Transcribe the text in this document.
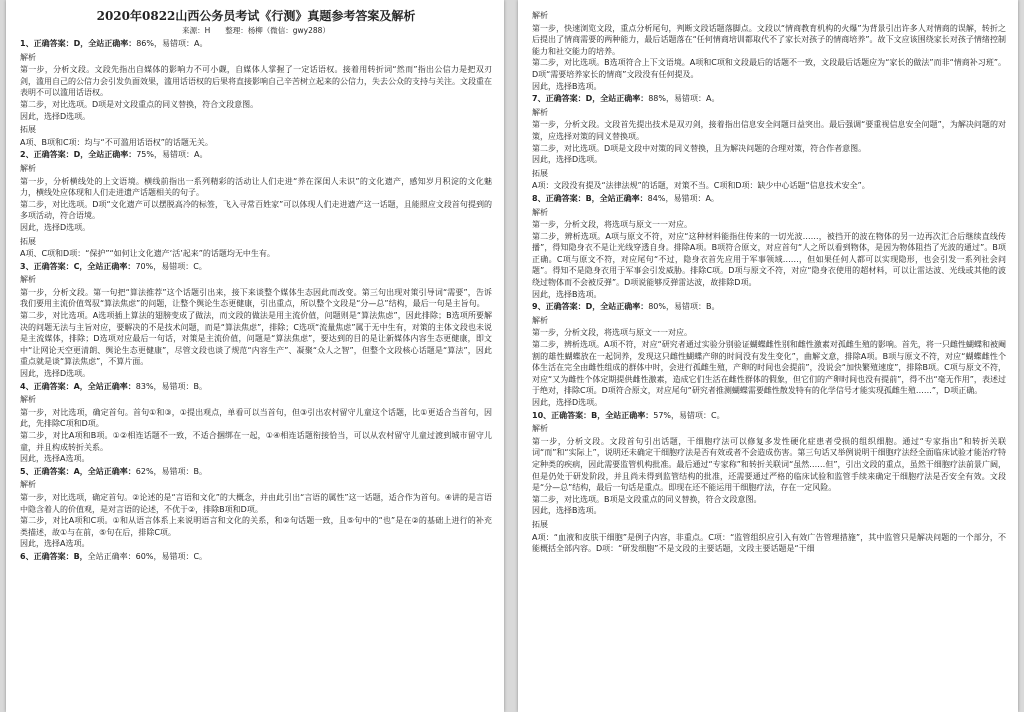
2020年0822山西公务员考试《行测》真题参考答案及解析
来源：H　　整理：杨柳（微信：gwy288）
1、正确答案：D，全站正确率：86%，易错项：A。
解析

第一步，分析文段。文段先指出自媒体的影响力不可小觑，自媒体人掌握了一定话语权。接着用转折词“然而”指出公信力是把双刃剑，滥用自己的公信力会引发负面效果，滥用话语权的后果将直接影响自己辛苦树立起来的公信力，失去公众的支持与关注。文段重在表明不可以滥用话语权。

第二步，对比选项。D项是对文段重点的同义替换，符合文段意图。

因此，选择D选项。

拓展

A项、B项和C项：均与“不可滥用话语权”的话题无关。

2、正确答案：D，全站正确率：75%，易错项：A。
解析

第一步，分析横线处的上文语境。横线前指出一系列精彩的活动让人们走进“养在深闺人未识”的文化遗产，感知岁月积淀的文化魅力，横线处应体现和人们走进遗产话题相关的句子。

第二步，对比选项。D项“文化遗产可以摆脱高冷的标签，飞入寻常百姓家”可以体现人们走进遗产这一话题，且能照应文段首句提到的多项活动，符合语境。

因此，选择D选项。

拓展

A项、C项和D项：“保护”“如何让文化遗产‘活’起来”的话题均无中生有。

3、正确答案：C，全站正确率：70%，易错项：C。
解析

第一步，分析文段。第一句把“算法推荐”这个话题引出来，接下来谈整个媒体生态因此而改变。第三句出现对策引导词“需要”，告诉我们要用主流价值驾驭“算法焦虑”的问题，让整个舆论生态更健康，引出重点，所以整个文段是“分—总”结构，最后一句是主旨句。

第二步，对比选项。A选项插上算法的翅膀变成了做法，而文段的做法是用主流价值，问题则是“算法焦虑”，因此排除；B选项所要解决的问题无法与主旨对应，要解决的不是技术问题，而是“算法焦虑”，排除；C选项“流量焦虑”属于无中生有，对策的主体文段也未说是主流媒体，排除；D选项对应最后一句话，对策是主流价值，问题是“算法焦虑”，要达到的目的是让新媒体内容生态更健康，即文中“让网论天空更清朗、舆论生态更健康”，尽管文段也谈了规范“内容生产”、凝聚“众人之智”，但整个文段核心话题是“算法”，因此重点就是谈“算法焦虑”，不算片面。

因此，选择D选项。

4、正确答案：A，全站正确率：83%，易错项：B。
解析

第一步，对比选项，确定首句。首句①和③，①提出观点，单看可以当首句，但③引出农村留守儿童这个话题，比①更适合当首句，因此，先排除C项和D项。

第二步，对比A项和B项。①②相连话题不一致，不适合捆绑在一起，①④相连话题衔接恰当，可以从农村留守儿童过渡到城市留守儿童，并且构成转折关系。

因此，选择A选项。

5、正确答案：A，全站正确率：62%，易错项：B。
解析

第一步，对比选项，确定首句。②论述的是“言语和文化”的大概念，并由此引出“言语的属性”这一话题，适合作为首句。④讲的是言语中隐含着人的价值观，是对言语的论述，不优于②，排除B项和D项。

第二步，对比A项和C项。①和从语言体系上来说明语言和文化的关系，和②句话题一致，且⑤句中的“也”是在②的基础上进行的补充类描述，故①与在前，⑤句在后，排除C项。

因此，选择A选项。

6、正确答案：B，全站正确率：60%，易错项：C。
解析

第一步，快速浏览文段，重点分析尾句，判断文段话题落脚点。文段以“情商教育机构的火爆”为背景引出许多人对情商的误解，转折之后提出了情商需要的两种能力，最后话题落在“任何情商培训都取代不了家长对孩子的情商培养”。故下文应该围绕家长对孩子情绪控制能力和社交能力的培养。

第二步，对比选项。B选项符合上下文语境。A项和C项和文段最后的话题不一致，文段最后话题应为“家长的做法”而非“情商补习班”。D项“需要培养家长的情商”文段没有任何提及。

因此，选择B选项。

7、正确答案：D，全站正确率：88%，易错项：A。
解析

第一步，分析文段。文段首先提出技术是双刃剑，接着指出信息安全问题日益突出。最后强调“要重视信息安全问题”，为解决问题的对策，应选择对策的同义替换项。

第二步，对比选项。D项是文段中对策的同义替换，且为解决问题的合理对策，符合作者意图。

因此，选择D选项。

拓展

A项：文段没有提及“法律法规”的话题，对策不当。C项和D项：缺少中心话题“信息技术安全”。

8、正确答案：B，全站正确率：84%，易错项：A。
解析

第一步，分析文段，将选项与原文一一对应。

第二步，辨析选项。A项与原文不符，对应“这种材料能指住传来的一切光波……，被挡开的波在物体的另一边再次汇合后继续直线传播”，得知隐身衣不是让光线穿透自身。排除A项。B项符合原文，对应首句“人之所以看到物体，是因为物体阻挡了光波的通过”。B项正确。C项与原文不符，对应尾句“不过，隐身衣首先应用于军事领域……，但如果任何人都可以实现隐形，也会引发一系列社会问题”。得知不是隐身衣用于军事会引发威胁。排除C项。D项与原文不符，对应“隐身衣使用的超材料，可以让雷达波、光线或其他的波绕过物体而不会被反弹”。D项说能够反弹雷达波，故排除D项。

因此，选择B选项。

9、正确答案：D，全站正确率：80%，易错项：B。
解析

第一步，分析文段，将选项与原文一一对应。

第二步，辨析选项。A项不符，对应“研究者通过实验分别验证蝴蝶雌性别和雌性激素对孤雌生殖的影响。首先，将一只雌性蝴蝶和被阉割的雄性蝴蝶放在一起饲养，发现这只雌性蝴蝶产卵的时间没有发生变化”，曲解文意，排除A项。B项与原文不符，对应“蝴蝶雌性个体生活在完全由雌性组成的群体中时，会进行孤雌生殖，产卵的时间也会提前”，没说会“加快繁殖速度”，排除B项。C项与原文不符，对应“又为雌性个体定期提供雌性激素，造成它们生活在雌性群体的假象，但它们的产卵时间也没有提前”，得不出“毫无作用”，表述过于绝对，排除C项。D项符合原文，对应尾句“研究者推测蝴蝶需要雌性散发特有的化学信号才能实现孤雌生殖……”，D项正确。

因此，选择D选项。

10、正确答案：B，全站正确率：57%，易错项：C。
解析

第一步，分析文段。文段首句引出话题，干细胞疗法可以修复多发性硬化症患者受损的组织细胞。通过“专家指出”和转折关联词“而”和“实际上”，说明还未确定干细胞疗法是否有效或者不会造成伤害。第三句话又举例说明干细胞疗法经全面临床试验才能治疗特定种类的疾病，因此需要监管机构批准。最后通过“专家称”和转折关联词“虽然……但”，引出文段的重点，虽然干细胞疗法前景广阔，但是仍处于研发阶段，并且尚未得到监管结构的批准，还需要通过严格的临床试验和监管手续来确定干细胞疗法是否安全有效。文段是“分—总”结构，最后一句话是重点。即现在还不能运用干细胞疗法，存在一定风险。

第二步，对比选项。B项是文段重点的同义替换，符合文段意图。

因此，选择B选项。

拓展

A项：“血液和皮肤干细胞”是例子内容，非重点。C项：“监管组织应引入有效广告管理措施”，其中监管只是解决问题的一个部分，不能概括全部内容。D项：“研发细胞”不是文段的主要话题，文段主要话题是“干细
